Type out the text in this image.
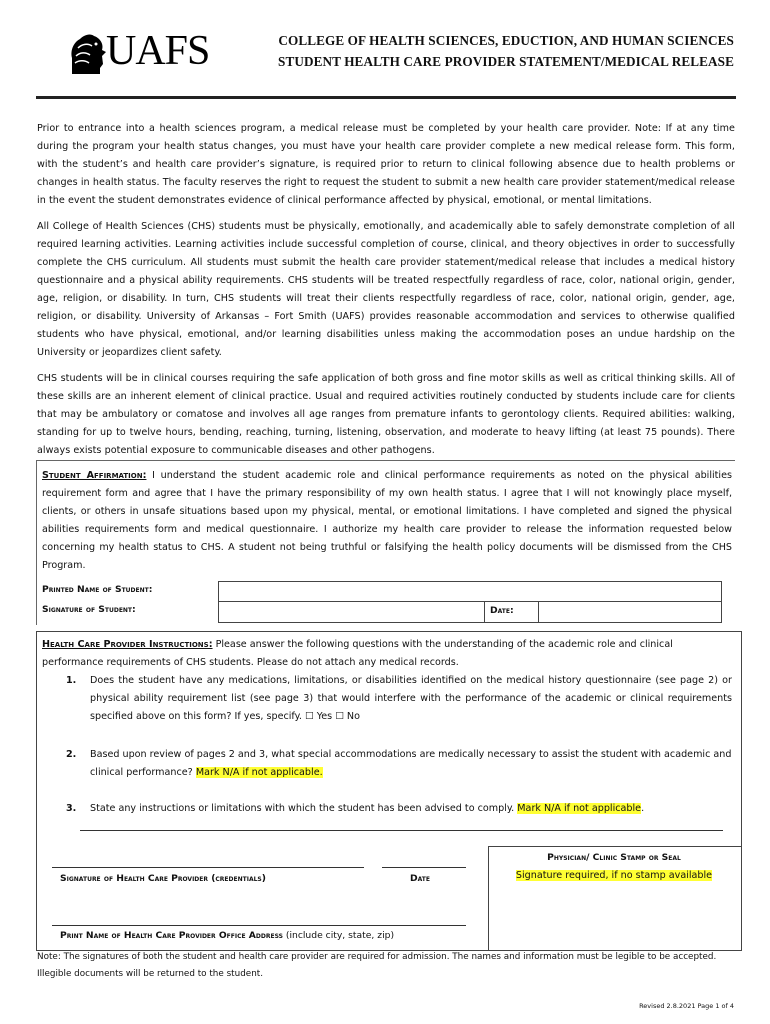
UAFS	COLLEGE OF HEALTH SCIENCES, EDUCTION, AND HUMAN SCIENCES
STUDENT HEALTH CARE PROVIDER STATEMENT/MEDICAL RELEASE
Prior to entrance into a health sciences program, a medical release must be completed by your health care provider. Note: If at any time during the program your health status changes, you must have your health care provider complete a new medical release form. This form, with the student’s and health care provider’s signature, is required prior to return to clinical following absence due to health problems or changes in health status. The faculty reserves the right to request the student to submit a new health care provider statement/medical release in the event the student demonstrates evidence of clinical performance affected by physical, emotional, or mental limitations.
All College of Health Sciences (CHS) students must be physically, emotionally, and academically able to safely demonstrate completion of all required learning activities. Learning activities include successful completion of course, clinical, and theory objectives in order to successfully complete the CHS curriculum. All students must submit the health care provider statement/medical release that includes a medical history questionnaire and a physical ability requirements. CHS students will be treated respectfully regardless of race, color, national origin, gender, age, religion, or disability. In turn, CHS students will treat their clients respectfully regardless of race, color, national origin, gender, age, religion, or disability. University of Arkansas – Fort Smith (UAFS) provides reasonable accommodation and services to otherwise qualified students who have physical, emotional, and/or learning disabilities unless making the accommodation poses an undue hardship on the University or jeopardizes client safety.
CHS students will be in clinical courses requiring the safe application of both gross and fine motor skills as well as critical thinking skills. All of these skills are an inherent element of clinical practice. Usual and required activities routinely conducted by students include care for clients that may be ambulatory or comatose and involves all age ranges from premature infants to gerontology clients. Required abilities: walking, standing for up to twelve hours, bending, reaching, turning, listening, observation, and moderate to heavy lifting (at least 75 pounds). There always exists potential exposure to communicable diseases and other pathogens.
Student Affirmation: I understand the student academic role and clinical performance requirements as noted on the physical abilities requirement form and agree that I have the primary responsibility of my own health status. I agree that I will not knowingly place myself, clients, or others in unsafe situations based upon my physical, mental, or emotional limitations. I have completed and signed the physical abilities requirements form and medical questionnaire. I authorize my health care provider to release the information requested below concerning my health status to CHS. A student not being truthful or falsifying the health policy documents will be dismissed from the CHS Program.
Printed Name of Student:
Signature of Student:	Date:
Health Care Provider Instructions: Please answer the following questions with the understanding of the academic role and clinical performance requirements of CHS students. Please do not attach any medical records.
1. Does the student have any medications, limitations, or disabilities identified on the medical history questionnaire (see page 2) or physical ability requirement list (see page 3) that would interfere with the performance of the academic or clinical requirements specified above on this form? If yes, specify. ☐ Yes ☐ No
2. Based upon review of pages 2 and 3, what special accommodations are medically necessary to assist the student with academic and clinical performance? Mark N/A if not applicable.
3. State any instructions or limitations with which the student has been advised to comply. Mark N/A if not applicable.
Physician/ Clinic Stamp or Seal
Signature required, if no stamp available
Signature of Health Care Provider (credentials)	Date
Print Name of Health Care Provider Office Address (include city, state, zip)
Note: The signatures of both the student and health care provider are required for admission. The names and information must be legible to be accepted. Illegible documents will be returned to the student.
Revised 2.8.2021 Page 1 of 4
